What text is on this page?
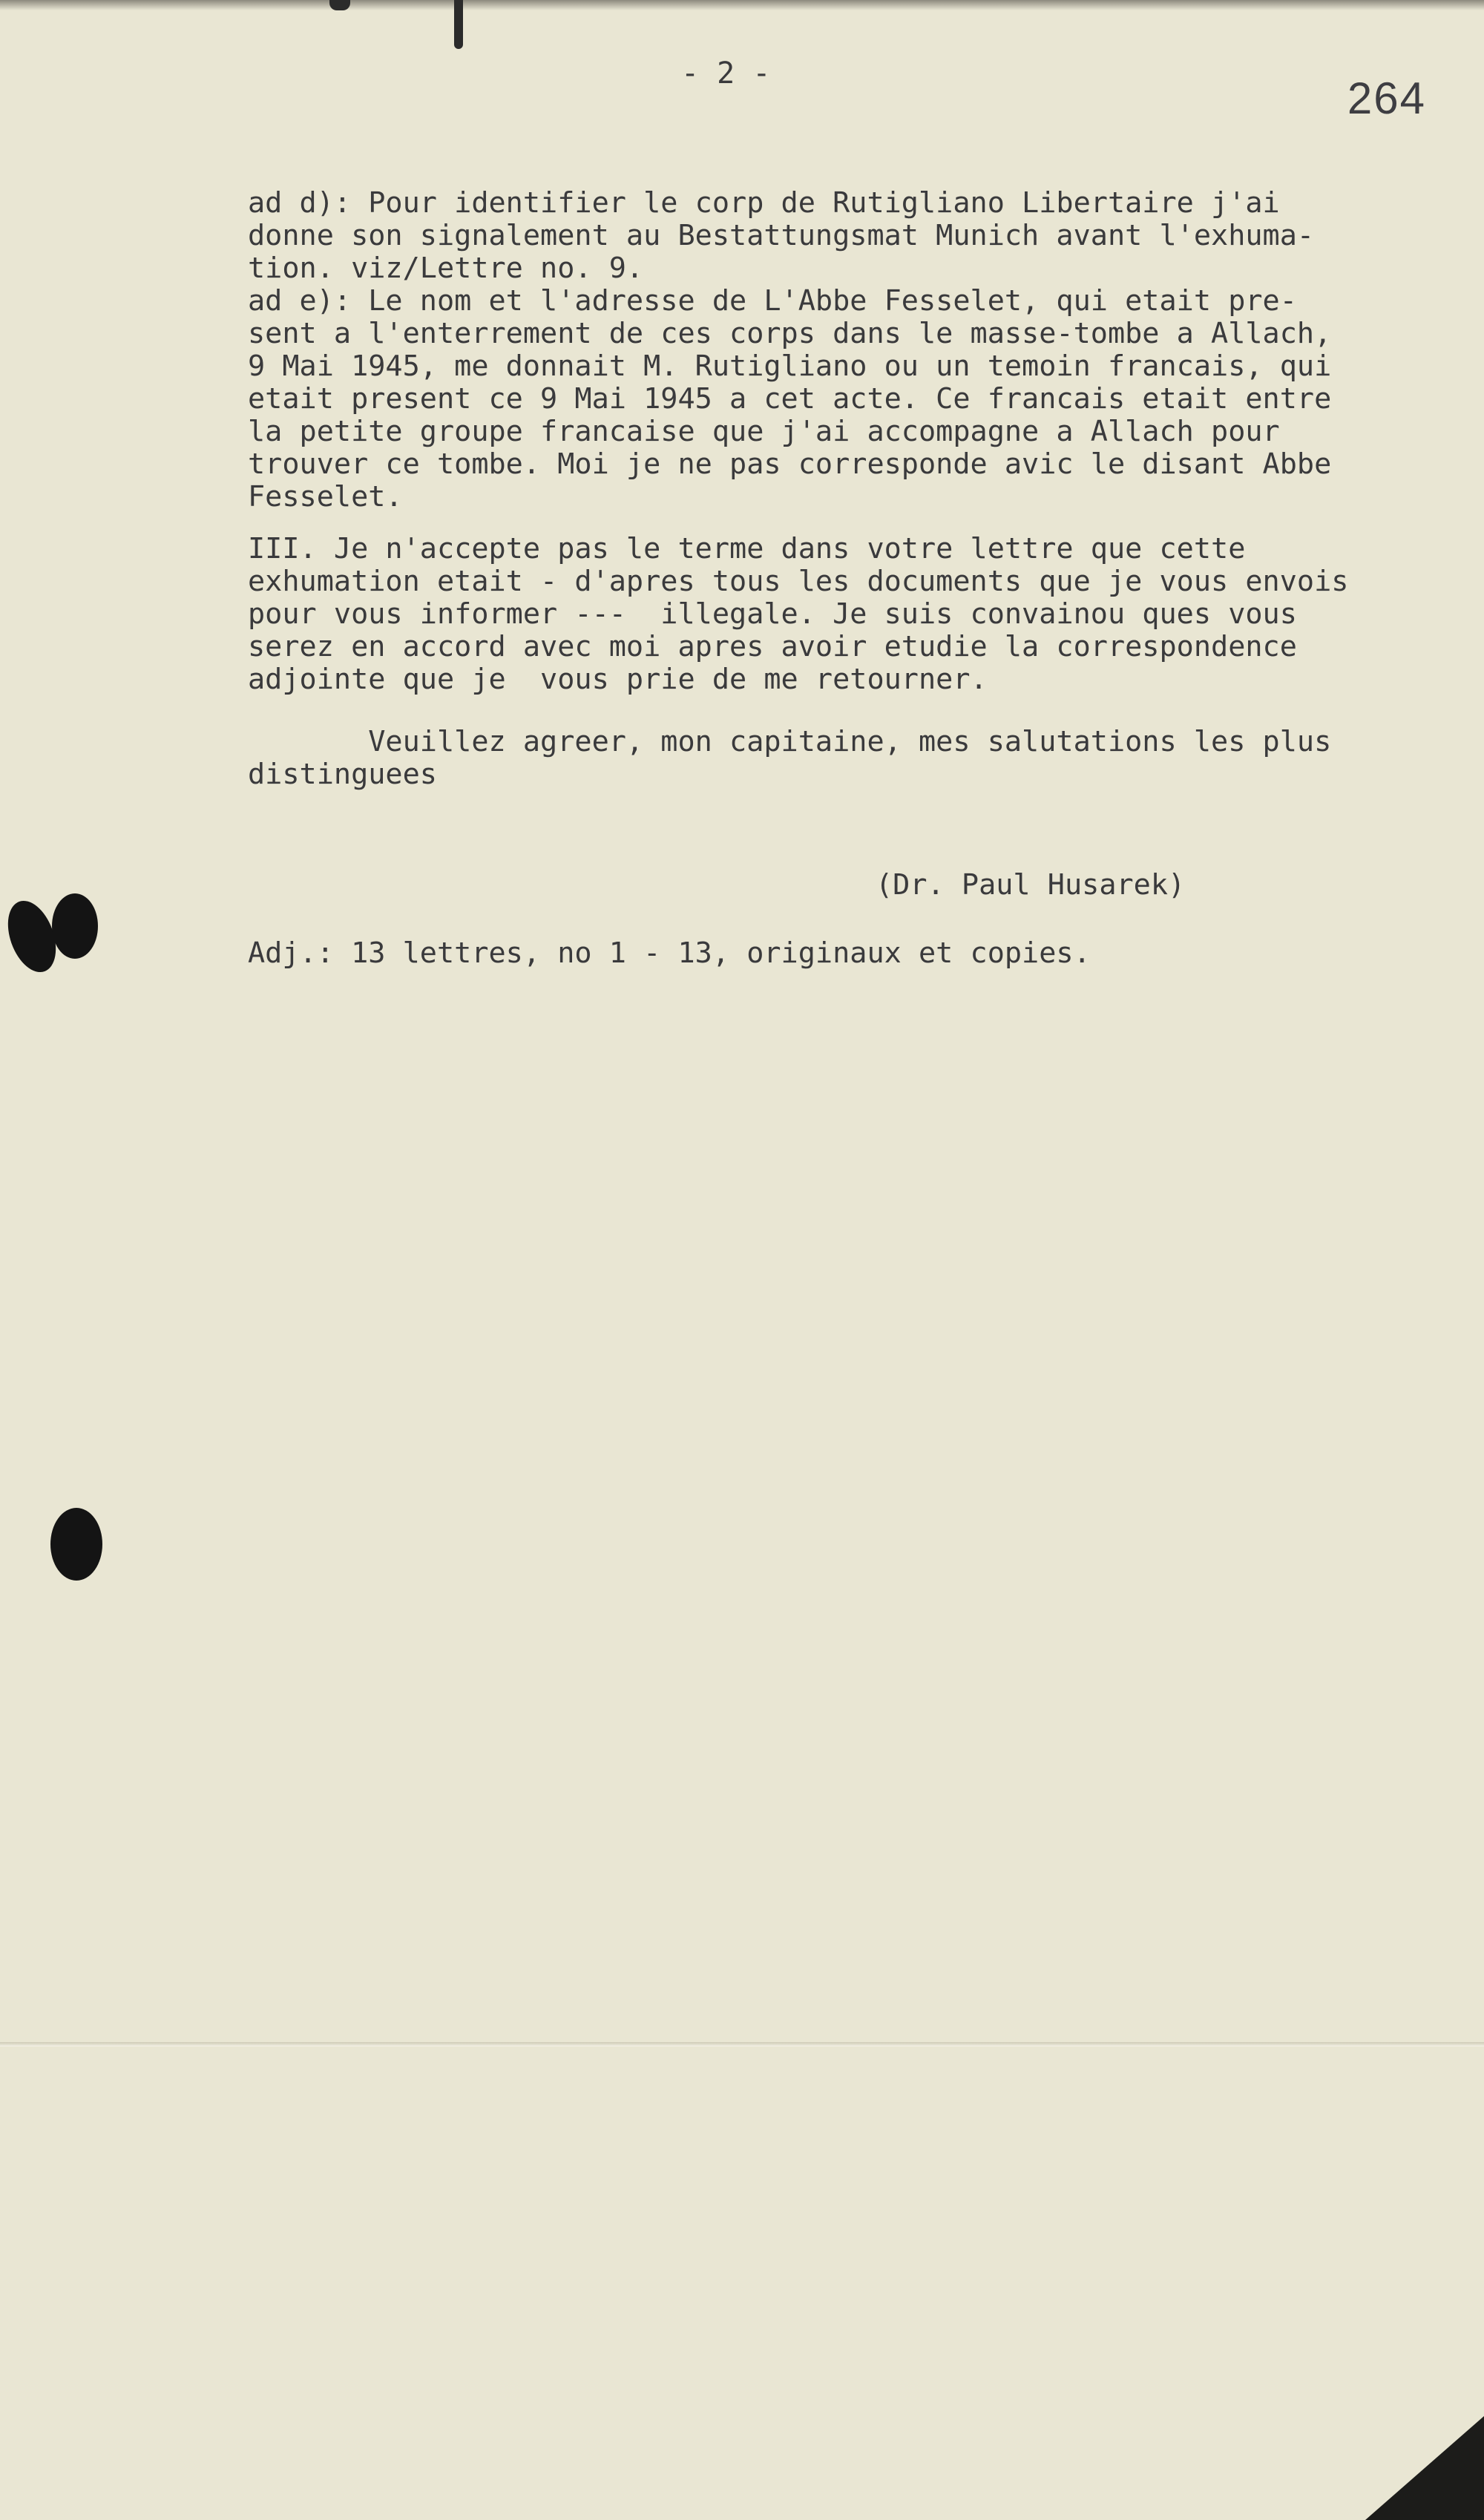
- 2 -	264
ad d): Pour identifier le corp de Rutigliano Libertaire j'ai
donne son signalement au Bestattungsmat Munich avant l'exhuma-
tion. viz/Lettre no. 9.
ad e): Le nom et l'adresse de L'Abbe Fesselet, qui etait pre-
sent a l'enterrement de ces corps dans le masse-tombe a Allach,
9 Mai 1945, me donnait M. Rutigliano ou un temoin francais, qui
etait present ce 9 Mai 1945 a cet acte. Ce francais etait entre
la petite groupe francaise que j'ai accompagne a Allach pour
trouver ce tombe. Moi je ne pas corresponde avic le disant Abbe
Fesselet.
III. Je n'accepte pas le terme dans votre lettre que cette
exhumation etait - d'apres tous les documents que je vous envois
pour vous informer ---  illegale. Je suis convainou ques vous
serez en accord avec moi apres avoir etudie la correspondence
adjointe que je  vous prie de me retourner.
Veuillez agreer, mon capitaine, mes salutations les plus
distinguees
(Dr. Paul Husarek)
Adj.: 13 lettres, no 1 - 13, originaux et copies.
